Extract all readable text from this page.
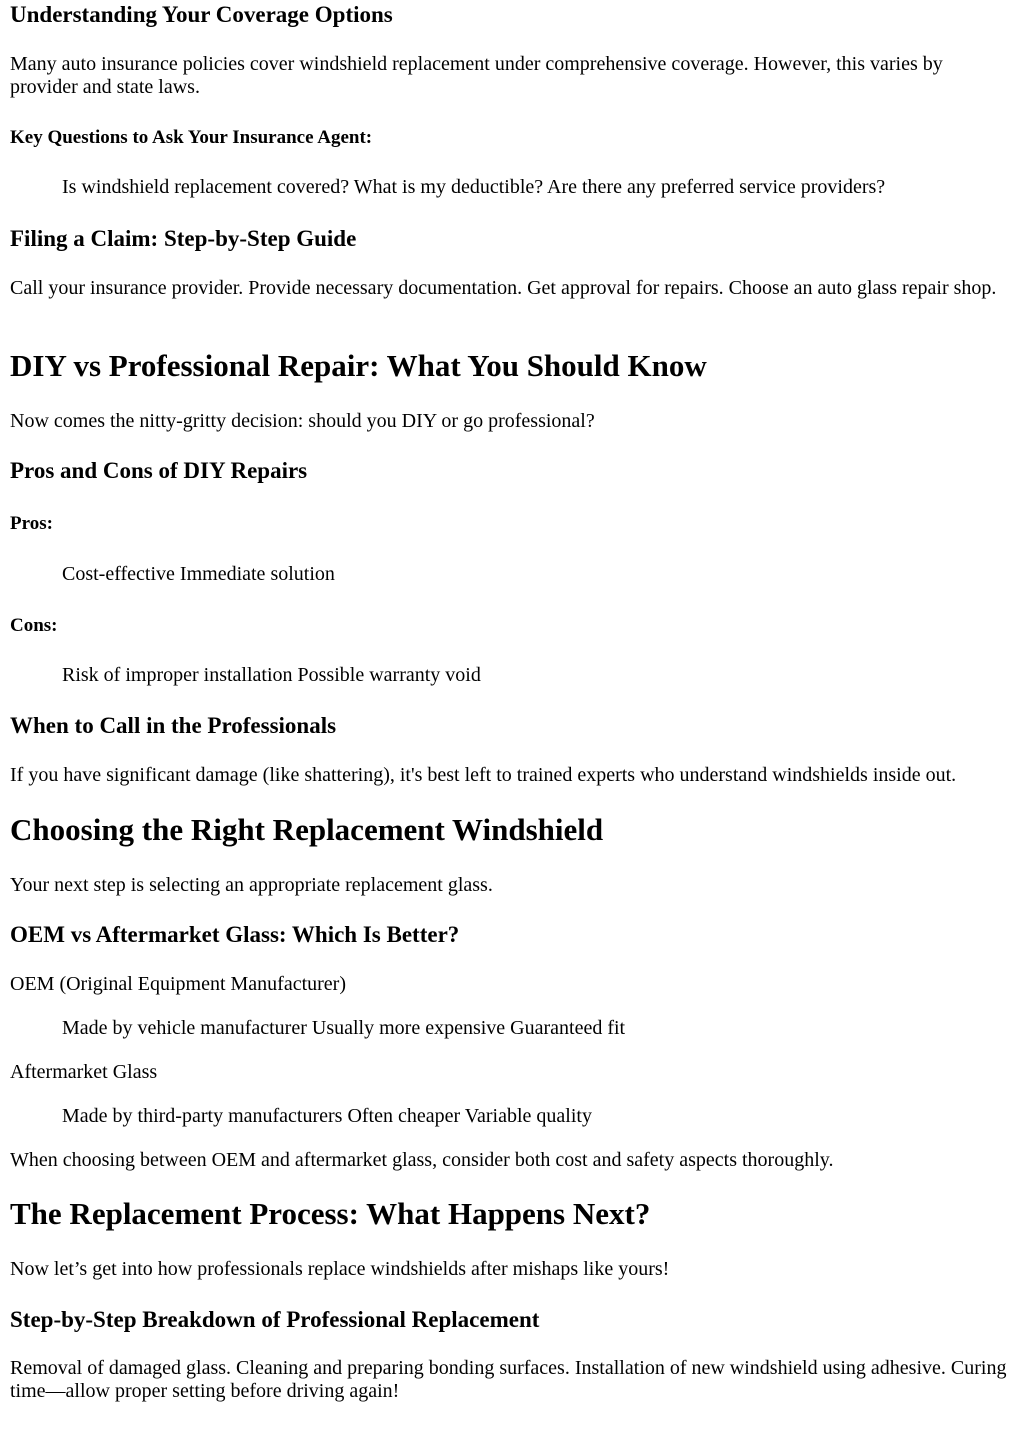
Understanding Your Coverage Options

Many auto insurance policies cover windshield replacement under comprehensive coverage. However, this varies by provider and state laws.

Key Questions to Ask Your Insurance Agent:

Is windshield replacement covered? What is my deductible? Are there any preferred service providers?

Filing a Claim: Step-by-Step Guide

Call your insurance provider. Provide necessary documentation. Get approval for repairs. Choose an auto glass repair shop.

DIY vs Professional Repair: What You Should Know

Now comes the nitty-gritty decision: should you DIY or go professional?

Pros and Cons of DIY Repairs
Pros:

Cost-effective Immediate solution

Cons:

Risk of improper installation Possible warranty void

When to Call in the Professionals

If you have significant damage (like shattering), it's best left to trained experts who understand windshields inside out.

Choosing the Right Replacement Windshield

Your next step is selecting an appropriate replacement glass.

OEM vs Aftermarket Glass: Which Is Better?

OEM (Original Equipment Manufacturer)

Made by vehicle manufacturer Usually more expensive Guaranteed fit

Aftermarket Glass

Made by third-party manufacturers Often cheaper Variable quality

When choosing between OEM and aftermarket glass, consider both cost and safety aspects thoroughly.

The Replacement Process: What Happens Next?

Now let’s get into how professionals replace windshields after mishaps like yours!

Step-by-Step Breakdown of Professional Replacement

Removal of damaged glass. Cleaning and preparing bonding surfaces. Installation of new windshield using adhesive. Curing time—allow proper setting before driving again!
